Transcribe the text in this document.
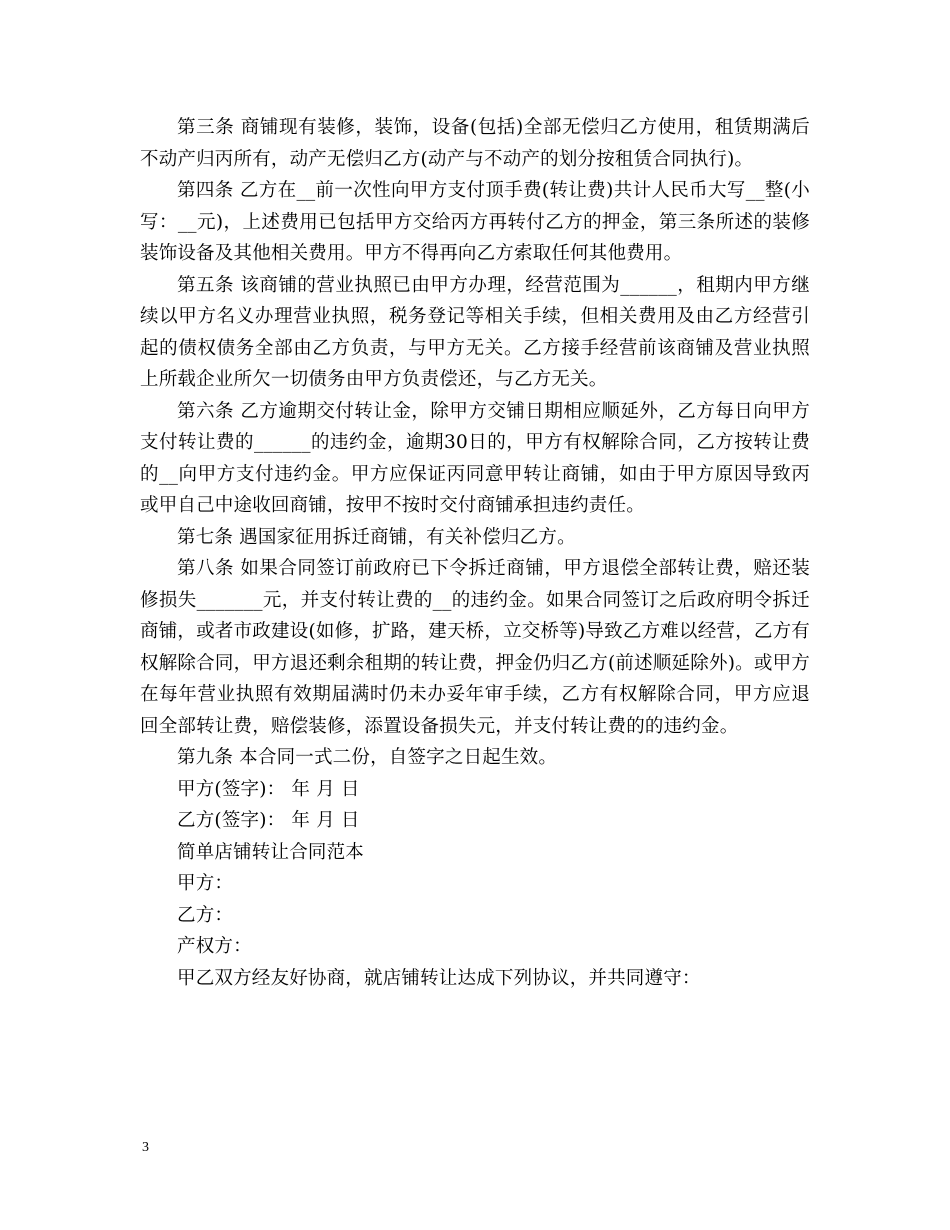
第三条 商铺现有装修，装饰，设备(包括)全部无偿归乙方使用，租赁期满后不动产归丙所有，动产无偿归乙方(动产与不动产的划分按租赁合同执行)。

第四条 乙方在__前一次性向甲方支付顶手费(转让费)共计人民币大写__整(小写：__元)，上述费用已包括甲方交给丙方再转付乙方的押金，第三条所述的装修装饰设备及其他相关费用。甲方不得再向乙方索取任何其他费用。

第五条 该商铺的营业执照已由甲方办理，经营范围为______，租期内甲方继续以甲方名义办理营业执照，税务登记等相关手续，但相关费用及由乙方经营引起的债权债务全部由乙方负责，与甲方无关。乙方接手经营前该商铺及营业执照上所载企业所欠一切债务由甲方负责偿还，与乙方无关。

第六条 乙方逾期交付转让金，除甲方交铺日期相应顺延外，乙方每日向甲方支付转让费的______的违约金，逾期30日的，甲方有权解除合同，乙方按转让费的__向甲方支付违约金。甲方应保证丙同意甲转让商铺，如由于甲方原因导致丙或甲自己中途收回商铺，按甲不按时交付商铺承担违约责任。

第七条 遇国家征用拆迁商铺，有关补偿归乙方。

第八条 如果合同签订前政府已下令拆迁商铺，甲方退偿全部转让费，赔还装修损失_______元，并支付转让费的__的违约金。如果合同签订之后政府明令拆迁商铺，或者市政建设(如修，扩路，建天桥，立交桥等)导致乙方难以经营，乙方有权解除合同，甲方退还剩余租期的转让费，押金仍归乙方(前述顺延除外)。或甲方在每年营业执照有效期届满时仍未办妥年审手续，乙方有权解除合同，甲方应退回全部转让费，赔偿装修，添置设备损失元，并支付转让费的的违约金。

第九条 本合同一式二份，自签字之日起生效。

甲方(签字)： 年 月 日

乙方(签字)： 年 月 日

简单店铺转让合同范本

甲方：

乙方：

产权方：

甲乙双方经友好协商，就店铺转让达成下列协议，并共同遵守：

3
